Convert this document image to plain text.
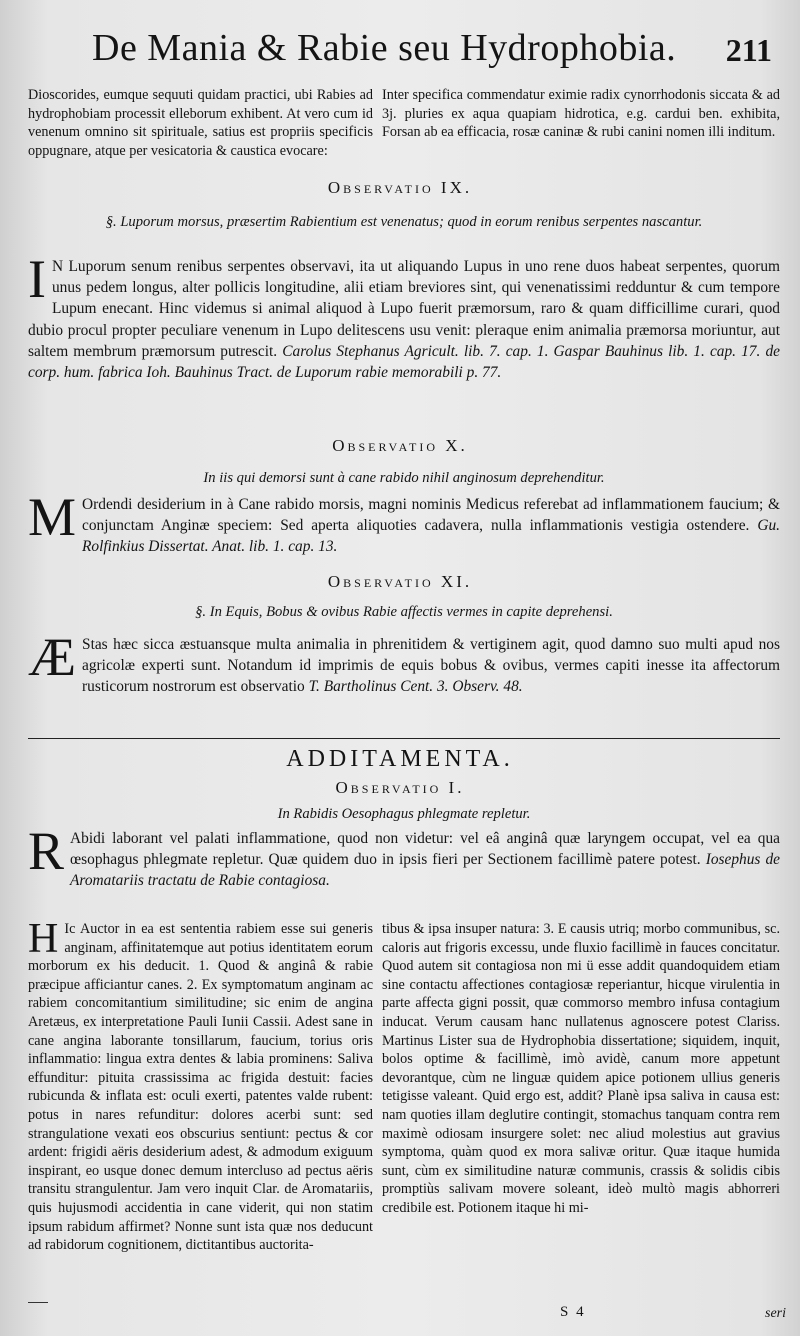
De Mania & Rabie seu Hydrophobia. 211
Dioscorides, eumque sequuti quidam practici, ubi Rabies ad hydrophobiam processit elleborum exhibent. At vero cum id venenum omnino sit spirituale, satius est propriis specificis oppugnare, atque per vesicatoria & caustica evocare:
Inter specifica commendatur eximie radix cynorrhodonis siccata & ad 3j. pluries ex aqua quapiam hidrotica, e.g. cardui ben. exhibita, Forsan ab ea efficacia, rosæ caninæ & rubi canini nomen illi inditum.
Observatio IX.
§. Luporum morsus, præsertim Rabientium est venenatus; quod in eorum renibus serpentes nascantur.
I N Luporum senum renibus serpentes observavi, ita ut aliquando Lupus in uno rene duos habeat serpentes, quorum unus pedem longus, alter pollicis longitudine, alii etiam breviores sint, qui venenatissimi redduntur & cum tempore Lupum enecant. Hinc videmus si animal aliquod à Lupo fuerit præmorsum, raro & quam difficillime curari, quod dubio procul propter peculiare venenum in Lupo delitescens usu venit: pleraque enim animalia præmorsa moriuntur, aut saltem membrum præmorsum putrescit. Carolus Stephanus Agricult. lib. 7. cap. 1. Gaspar Bauhinus lib. 1. cap. 17. de corp. hum. fabrica Ioh. Bauhinus Tract. de Luporum rabie memorabili p. 77.
Observatio X.
In iis qui demorsi sunt à cane rabido nihil anginosum deprehenditur.
M Ordendi desiderium in à Cane rabido morsis, magni nominis Medicus referebat ad inflammationem faucium; & conjunctam Anginæ speciem: Sed aperta aliquoties cadavera, nulla inflammationis vestigia ostendere. Gu. Rolfinkius Dissertat. Anat. lib. 1. cap. 13.
Observatio XI.
§. In Equis, Bobus & ovibus Rabie affectis vermes in capite deprehensi.
Æ Stas hæc sicca æstuansque multa animalia in phrenitidem & vertiginem agit, quod damno suo multi apud nos agricolæ experti sunt. Notandum id imprimis de equis bobus & ovibus, vermes capiti inesse ita affectorum rusticorum nostrorum est observatio T. Bartholinus Cent. 3. Observ. 48.
ADDITAMENTA.
Observatio I.
In Rabidis Oesophagus phlegmate repletur.
R Abidi laborant vel palati inflammatione, quod non videtur: vel eâ anginâ quæ laryngem occupat, vel ea qua œsophagus phlegmate repletur. Quæ quidem duo in ipsis fieri per Sectionem facillimè patere potest. Iosephus de Aromatariis tractatu de Rabie contagiosa.
H Ic Auctor in ea est sententia rabiem esse sui generis anginam, affinitatemque aut potius identitatem eorum morborum ex his deducit. 1. Quod & anginâ & rabie præcipue afficiantur canes. 2. Ex symptomatum anginam ac rabiem concomitantium similitudine; sic enim de angina Aretæus, ex interpretatione Pauli Iunii Cassii. Adest sane in cane angina laborante tonsillarum, faucium, torius oris inflammatio: lingua extra dentes & labia prominens: Saliva effunditur: pituita crassissima ac frigida destuit: facies rubicunda & inflata est: oculi exerti, patentes valde rubent: potus in nares refunditur: dolores acerbi sunt: sed strangulatione vexati eos obscurius sentiunt: pectus & cor ardent: frigidi aëris desiderium adest, & admodum exiguum inspirant, eo usque donec demum intercluso ad pectus aëris transitu strangulentur. Jam vero inquit Clar. de Aromatariis, quis hujusmodi accidentia in cane viderit, qui non statim ipsum rabidum affirmet? Nonne sunt ista quæ nos deducunt ad rabidorum cognitionem, dictitantibus auctorita-
tibus & ipsa insuper natura: 3. E causis utriq; morbo communibus, sc. caloris aut frigoris excessu, unde fluxio facillimè in fauces concitatur. Quod autem sit contagiosa non mi ü esse addit quandoquidem etiam sine contactu affectiones contagiosæ reperiantur, hicque virulentia in parte affecta gigni possit, quæ commorso membro infusa contagium inducat. Verum causam hanc nullatenus agnoscere potest Clariss. Martinus Lister sua de Hydrophobia dissertatione; siquidem, inquit, bolos optime & facillimè, imò avidè, canum more appetunt devorantque, cùm ne linguæ quidem apice potionem ullius generis tetigisse valeant. Quid ergo est, addit? Planè ipsa saliva in causa est: nam quoties illam deglutire contingit, stomachus tanquam contra rem maximè odiosam insurgere solet: nec aliud molestius aut gravius symptoma, quàm quod ex mora salivæ oritur. Quæ itaque humida sunt, cùm ex similitudine naturæ communis, crassis & solidis cibis promptiùs salivam movere soleant, ideò multò magis abhorreri credibile est. Potionem itaque hi mi-
S 4	seri
